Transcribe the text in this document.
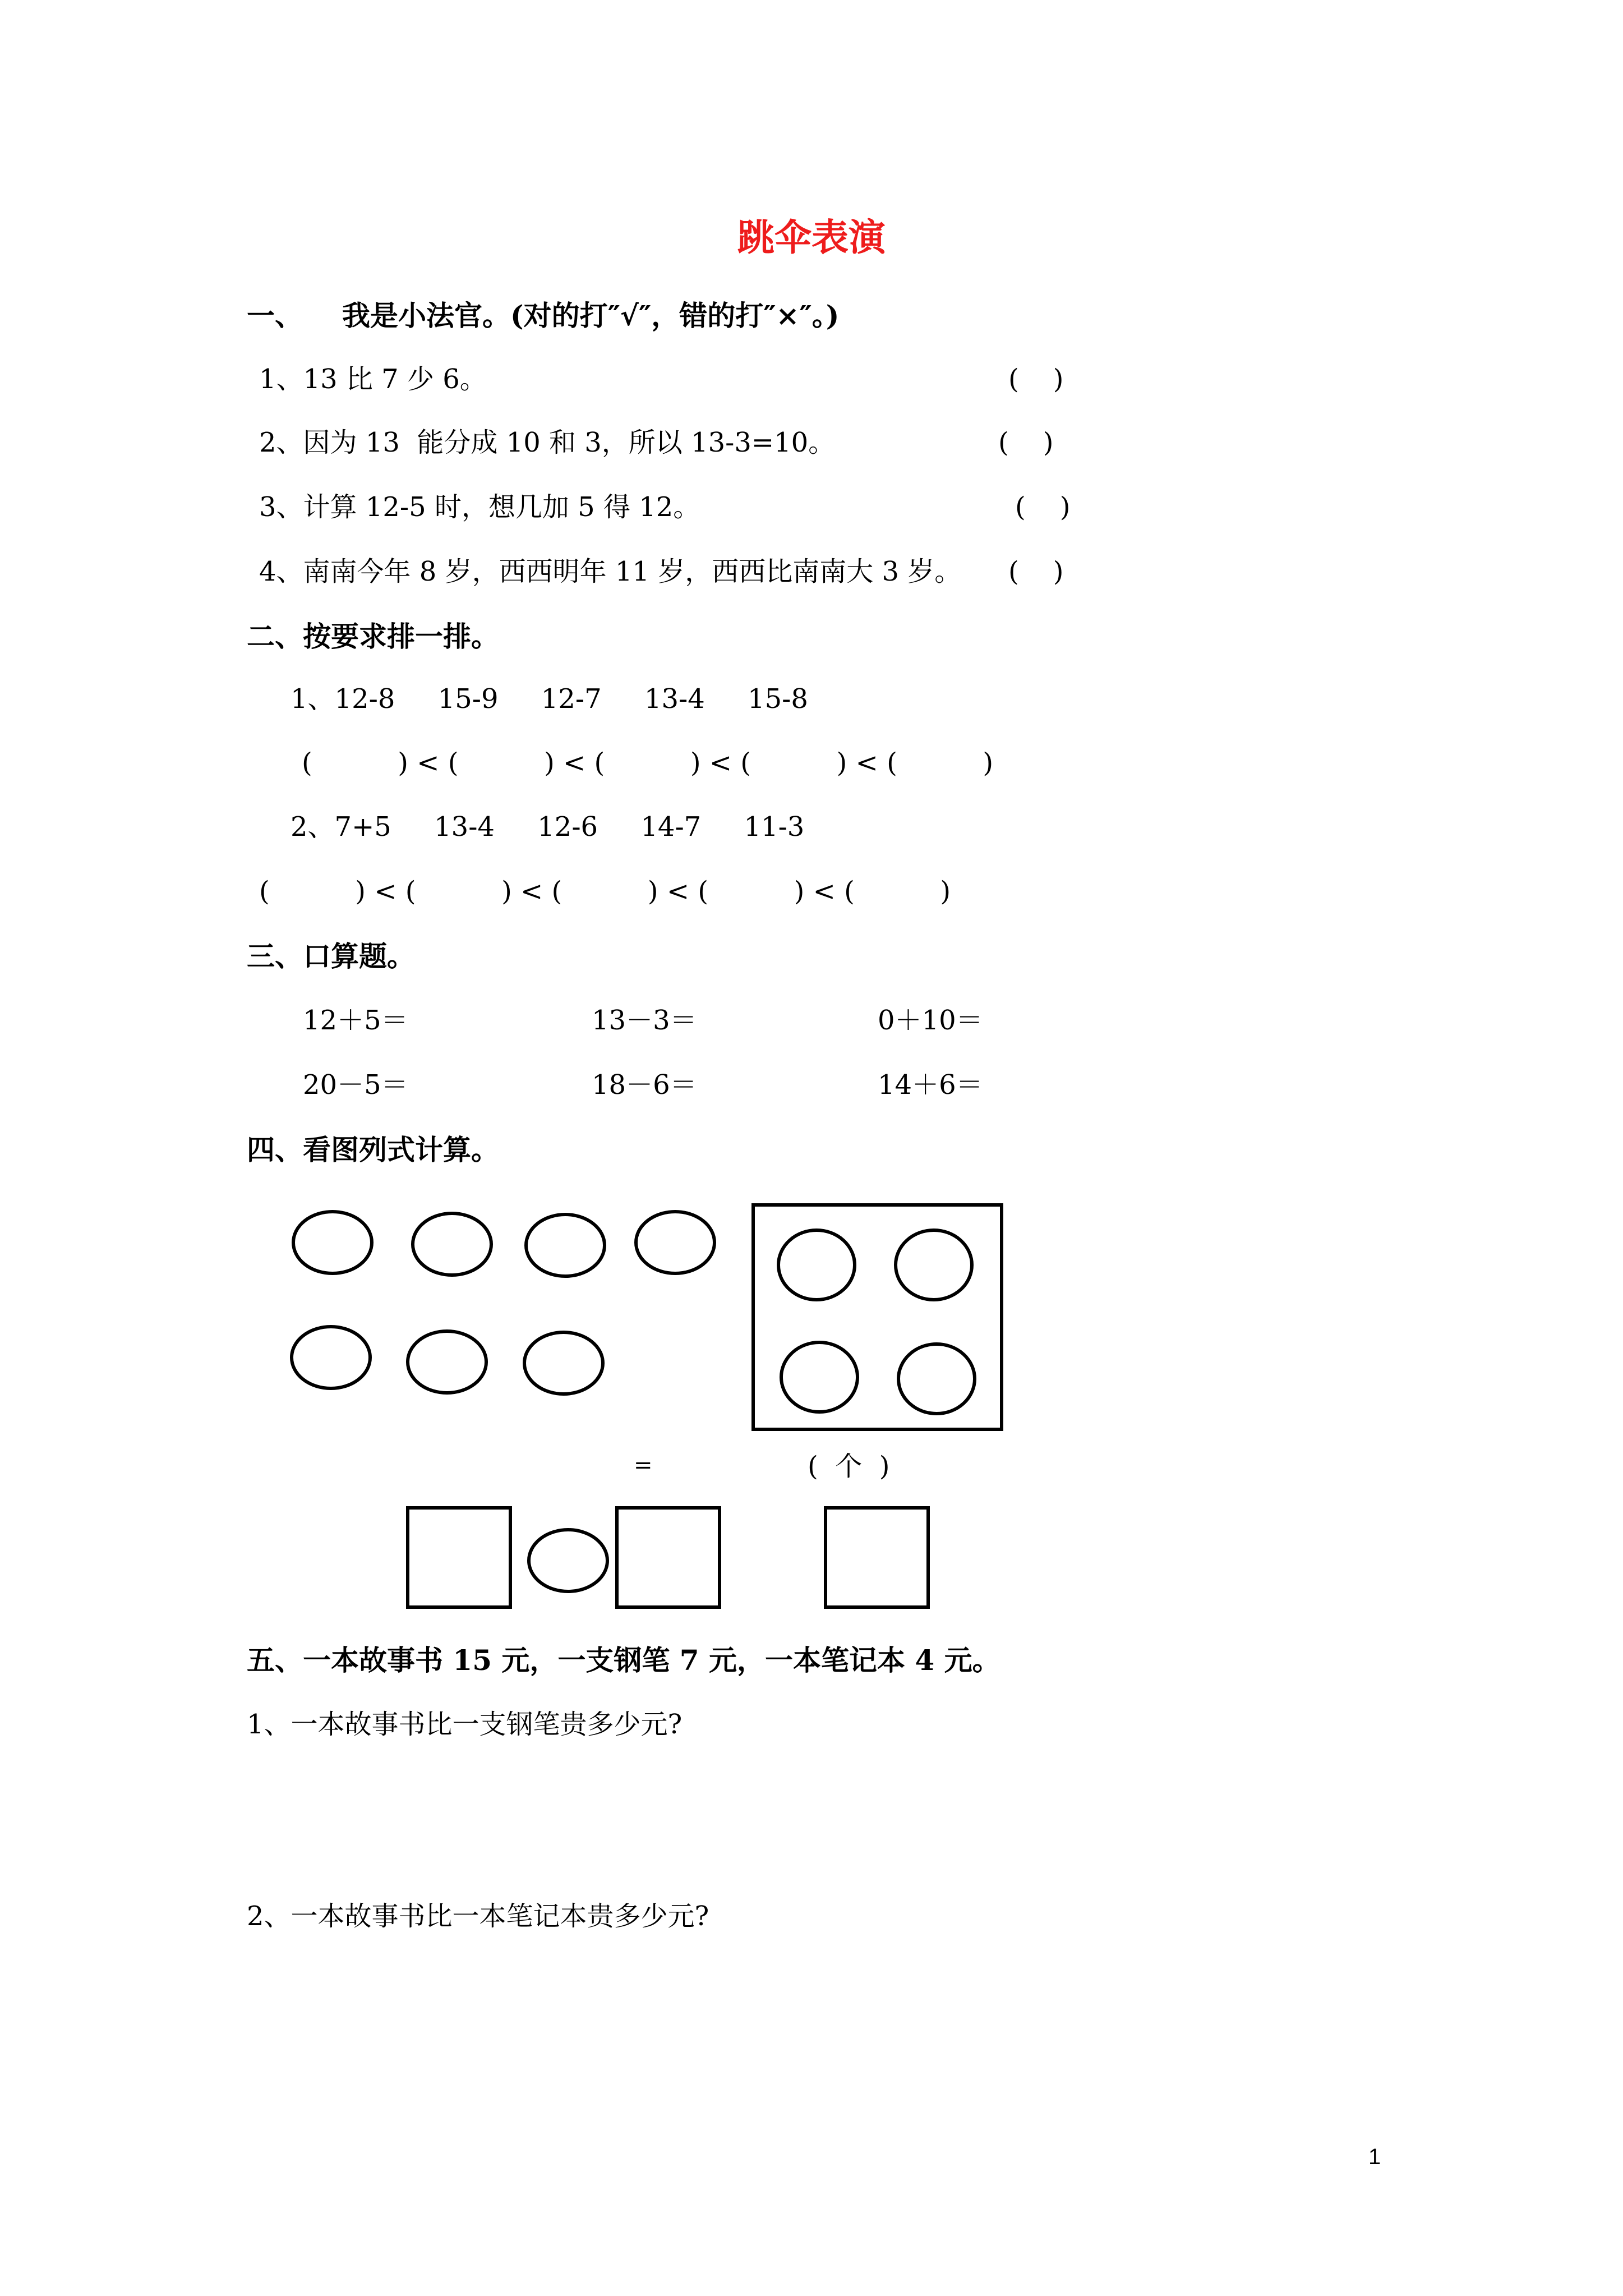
跳伞表演
一、 我是小法官。(对的打″√″，错的打″×″。)
1、13 比 7 少 6。	(    )
2、因为 13  能分成 10 和 3，所以 13-3=10。	(    )
3、计算 12-5 时，想几加 5 得 12。	(    )
4、南南今年 8 岁，西西明年 11 岁，西西比南南大 3 岁。 (    )
二、按要求排一排。
1、12-8     15-9     12-7     13-4     15-8
(          ) < (          ) < (          ) < (          ) < (          )
2、7+5     13-4     12-6     14-7     11-3
(          ) < (          ) < (          ) < (          ) < (          )
三、口算题。
12＋5＝	13－3＝	0＋10＝
20－5＝	18－6＝	14＋6＝
四、看图列式计算。
=	(  个  )
五、一本故事书 15 元，一支钢笔 7 元，一本笔记本 4 元。
1、一本故事书比一支钢笔贵多少元?
2、一本故事书比一本笔记本贵多少元?
1
